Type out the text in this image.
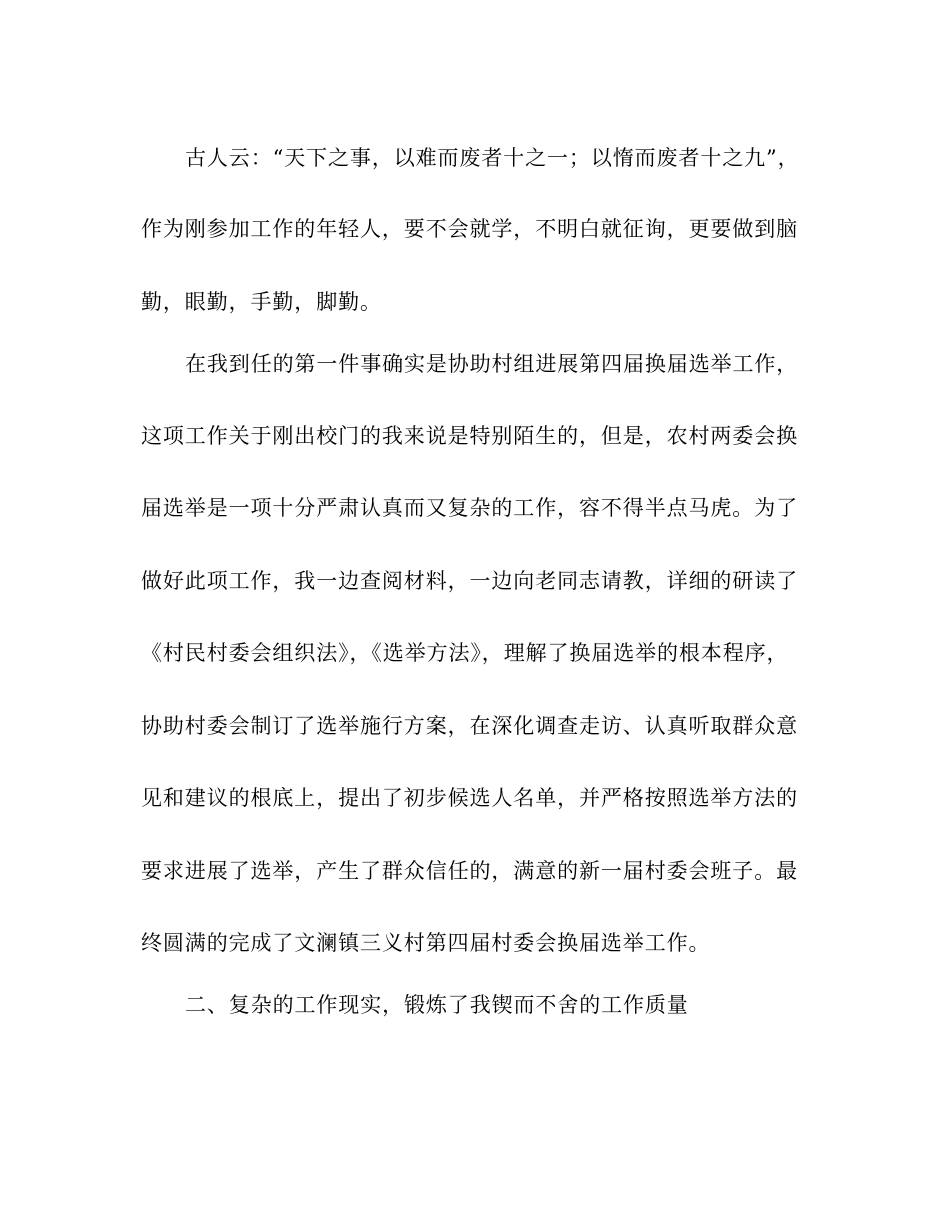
古人云：“天下之事，以难而废者十之一；以惰而废者十之九”，
作为刚参加工作的年轻人，要不会就学，不明白就征询，更要做到脑
勤，眼勤，手勤，脚勤。
在我到任的第一件事确实是协助村组进展第四届换届选举工作，
这项工作关于刚出校门的我来说是特别陌生的，但是，农村两委会换
届选举是一项十分严肃认真而又复杂的工作，容不得半点马虎。为了
做好此项工作，我一边查阅材料，一边向老同志请教，详细的研读了
《村民村委会组织法》，《选举方法》，理解了换届选举的根本程序，
协助村委会制订了选举施行方案，在深化调查走访、认真听取群众意
见和建议的根底上，提出了初步候选人名单，并严格按照选举方法的
要求进展了选举，产生了群众信任的，满意的新一届村委会班子。最
终圆满的完成了文澜镇三义村第四届村委会换届选举工作。
二、复杂的工作现实，锻炼了我锲而不舍的工作质量
